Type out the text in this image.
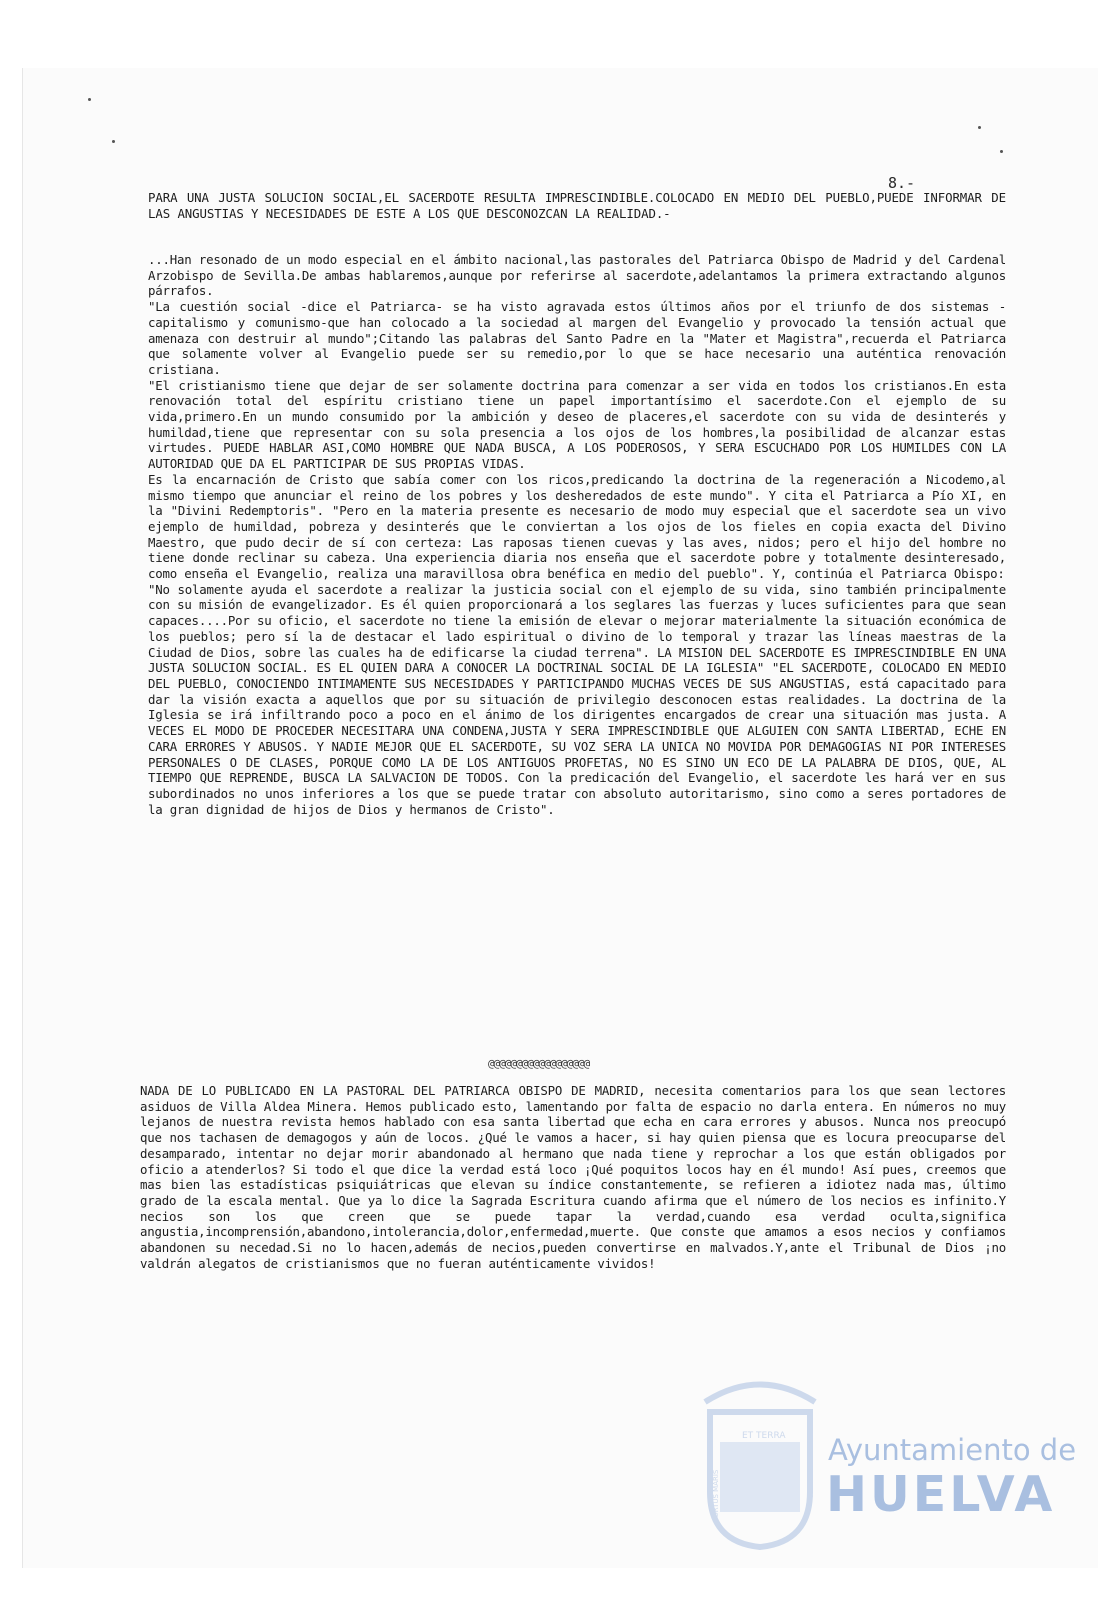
8.-
PARA UNA JUSTA SOLUCION SOCIAL,EL SACERDOTE RESULTA IMPRESCINDIBLE.COLOCADO EN MEDIO DEL PUEBLO,PUEDE INFORMAR DE LAS ANGUSTIAS Y NECESIDADES DE ESTE A LOS QUE DESCONOZCAN LA REALIDAD.-

...Han resonado de un modo especial en el ámbito nacional,las pastorales del Patriarca Obispo de Madrid y del Cardenal Arzobispo de Sevilla.De ambas hablaremos,aunque por referirse al sacerdote,adelantamos la primera extractando algunos párrafos.

"La cuestión social -dice el Patriarca- se ha visto agravada estos últimos años por el triunfo de dos sistemas -capitalismo y comunismo-que han colocado a la sociedad al margen del Evangelio y provocado la tensión actual que amenaza con destruir al mundo";Citando las palabras del Santo Padre en la "Mater et Magistra",recuerda el Patriarca que solamente volver al Evangelio puede ser su remedio,por lo que se hace necesario una auténtica renovación cristiana.

"El cristianismo tiene que dejar de ser solamente doctrina para comenzar a ser vida en todos los cristianos.En esta renovación total del espíritu cristiano tiene un papel importantísimo el sacerdote.Con el ejemplo de su vida,primero.En un mundo consumido por la ambición y deseo de placeres,el sacerdote con su vida de desinterés y humildad,tiene que representar con su sola presencia a los ojos de los hombres,la posibilidad de alcanzar estas virtudes. PUEDE HABLAR ASI,COMO HOMBRE QUE NADA BUSCA, A LOS PODEROSOS, Y SERA ESCUCHADO POR LOS HUMILDES CON LA AUTORIDAD QUE DA EL PARTICIPAR DE SUS PROPIAS VIDAS.

Es la encarnación de Cristo que sabía comer con los ricos,predicando la doctrina de la regeneración a Nicodemo,al mismo tiempo que anunciar el reino de los pobres y los desheredados de este mundo". Y cita el Patriarca a Pío XI, en la "Divini Redemptoris". "Pero en la materia presente es necesario de modo muy especial que el sacerdote sea un vivo ejemplo de humildad, pobreza y desinterés que le conviertan a los ojos de los fieles en copia exacta del Divino Maestro, que pudo decir de sí con certeza: Las raposas tienen cuevas y las aves, nidos; pero el hijo del hombre no tiene donde reclinar su cabeza. Una experiencia diaria nos enseña que el sacerdote pobre y totalmente desinteresado, como enseña el Evangelio, realiza una maravillosa obra benéfica en medio del pueblo". Y, continúa el Patriarca Obispo:

"No solamente ayuda el sacerdote a realizar la justicia social con el ejemplo de su vida, sino también principalmente con su misión de evangelizador. Es él quien proporcionará a los seglares las fuerzas y luces suficientes para que sean capaces....Por su oficio, el sacerdote no tiene la emisión de elevar o mejorar materialmente la situación económica de los pueblos; pero sí la de destacar el lado espiritual o divino de lo temporal y trazar las líneas maestras de la Ciudad de Dios, sobre las cuales ha de edificarse la ciudad terrena". LA MISION DEL SACERDOTE ES IMPRESCINDIBLE EN UNA JUSTA SOLUCION SOCIAL. ES EL QUIEN DARA A CONOCER LA DOCTRINAL SOCIAL DE LA IGLESIA" "EL SACERDOTE, COLOCADO EN MEDIO DEL PUEBLO, CONOCIENDO INTIMAMENTE SUS NECESIDADES Y PARTICIPANDO MUCHAS VECES DE SUS ANGUSTIAS, está capacitado para dar la visión exacta a aquellos que por su situación de privilegio desconocen estas realidades. La doctrina de la Iglesia se irá infiltrando poco a poco en el ánimo de los dirigentes encargados de crear una situación mas justa. A VECES EL MODO DE PROCEDER NECESITARA UNA CONDENA,JUSTA Y SERA IMPRESCINDIBLE QUE ALGUIEN CON SANTA LIBERTAD, ECHE EN CARA ERRORES Y ABUSOS. Y NADIE MEJOR QUE EL SACERDOTE, SU VOZ SERA LA UNICA NO MOVIDA POR DEMAGOGIAS NI POR INTERESES PERSONALES O DE CLASES, PORQUE COMO LA DE LOS ANTIGUOS PROFETAS, NO ES SINO UN ECO DE LA PALABRA DE DIOS, QUE, AL TIEMPO QUE REPRENDE, BUSCA LA SALVACION DE TODOS. Con la predicación del Evangelio, el sacerdote les hará ver en sus subordinados no unos inferiores a los que se puede tratar con absoluto autoritarismo, sino como a seres portadores de la gran dignidad de hijos de Dios y hermanos de Cristo".

@@@@@@@@@@@@@@@@@@

NADA DE LO PUBLICADO EN LA PASTORAL DEL PATRIARCA OBISPO DE MADRID, necesita comentarios para los que sean lectores asiduos de Villa Aldea Minera. Hemos publicado esto, lamentando por falta de espacio no darla entera. En números no muy lejanos de nuestra revista hemos hablado con esa santa libertad que echa en cara errores y abusos. Nunca nos preocupó que nos tachasen de demagogos y aún de locos. ¿Qué le vamos a hacer, si hay quien piensa que es locura preocuparse del desamparado, intentar no dejar morir abandonado al hermano que nada tiene y reprochar a los que están obligados por oficio a atenderlos? Si todo el que dice la verdad está loco ¡Qué poquitos locos hay en él mundo! Así pues, creemos que mas bien las estadísticas psiquiátricas que elevan su índice constantemente, se refieren a idiotez nada mas, último grado de la escala mental. Que ya lo dice la Sagrada Escritura cuando afirma que el número de los necios es infinito.Y necios son los que creen que se puede tapar la verdad,cuando esa verdad oculta,significa angustia,incomprensión,abandono,intolerancia,dolor,enfermedad,muerte. Que conste que amamos a esos necios y confiamos abandonen su necedad.Si no lo hacen,además de necios,pueden convertirse en malvados.Y,ante el Tribunal de Dios ¡no valdrán alegatos de cristianismos que no fueran auténticamente vividos!

ET TERRA
PORTUS MARIS	CUSTODIA
Ayuntamiento de
HUELVA
